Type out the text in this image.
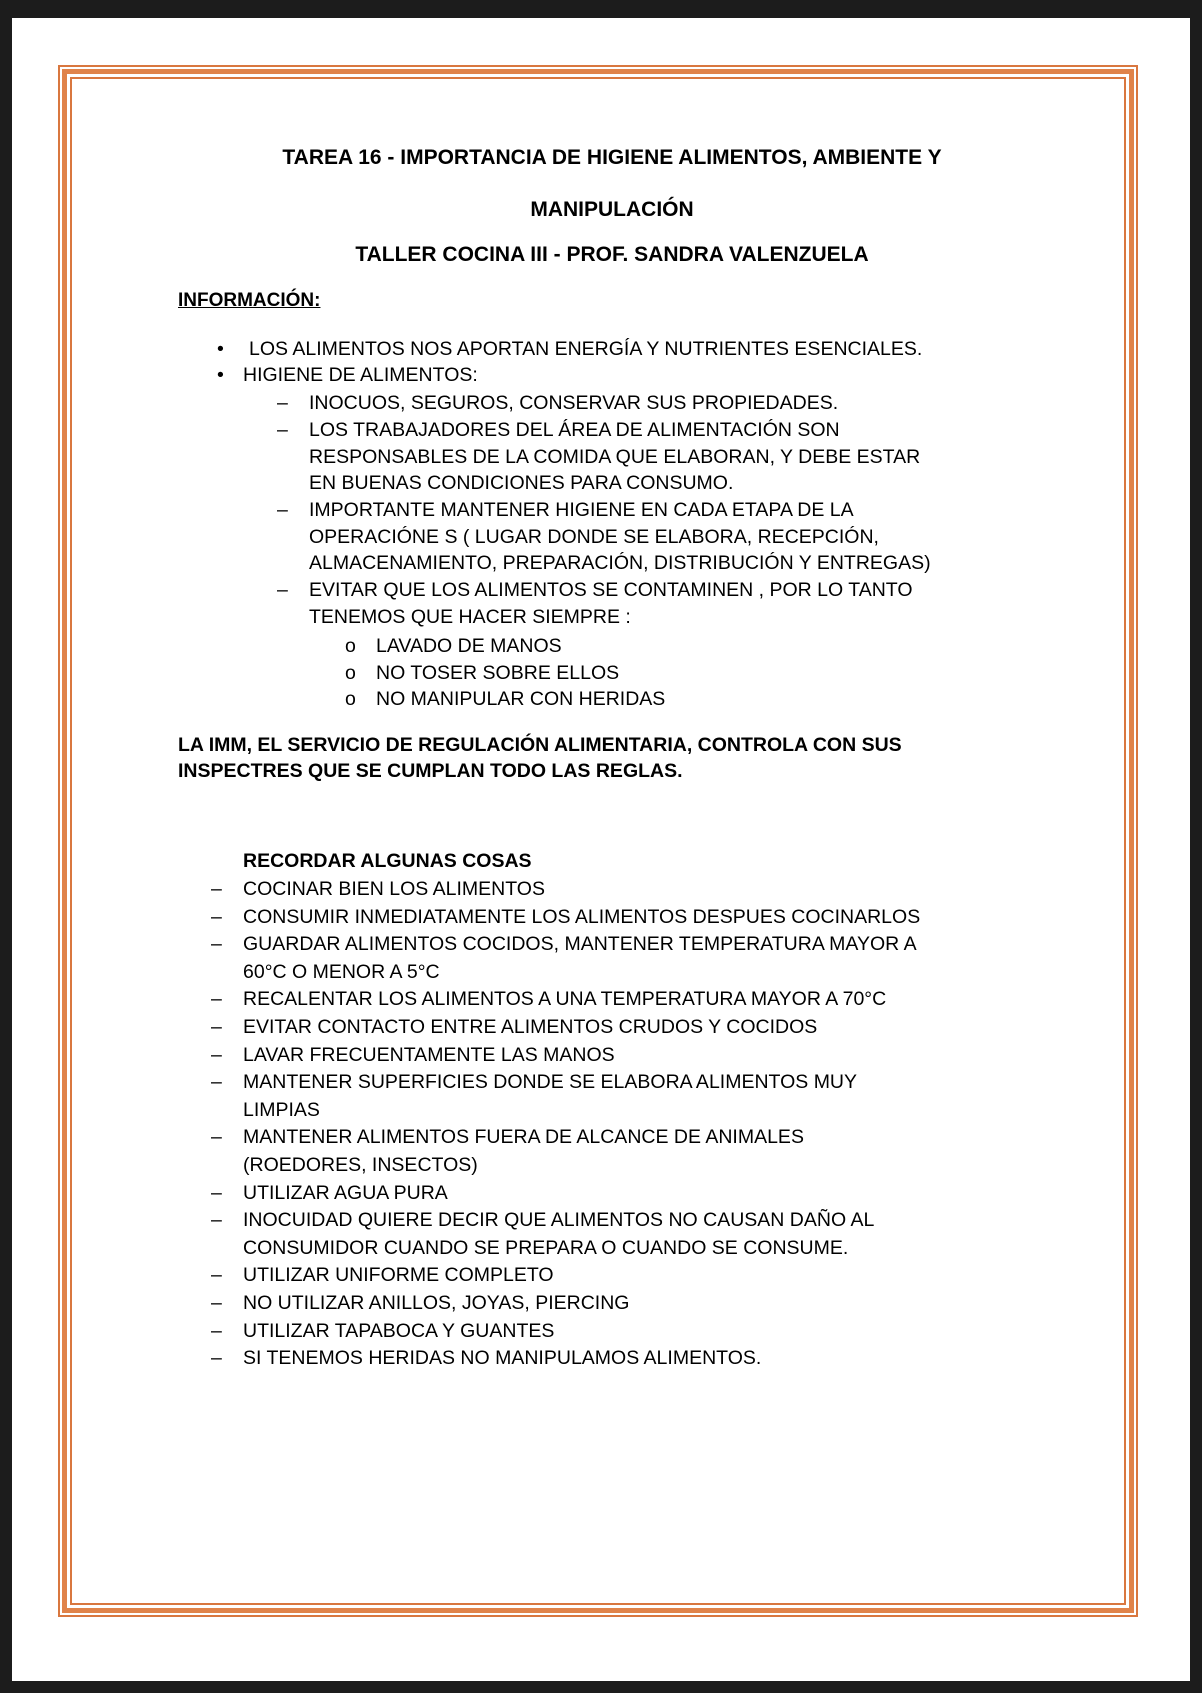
TAREA 16 - IMPORTANCIA DE HIGIENE ALIMENTOS, AMBIENTE Y
MANIPULACIÓN
TALLER COCINA III - PROF. SANDRA VALENZUELA
INFORMACIÓN:
• LOS ALIMENTOS NOS APORTAN ENERGÍA Y NUTRIENTES ESENCIALES.
• HIGIENE DE ALIMENTOS:
– INOCUOS, SEGUROS, CONSERVAR SUS PROPIEDADES.
– LOS TRABAJADORES DEL ÁREA DE ALIMENTACIÓN SON
RESPONSABLES DE LA COMIDA QUE ELABORAN, Y DEBE ESTAR
EN BUENAS CONDICIONES PARA CONSUMO.
– IMPORTANTE MANTENER HIGIENE EN CADA ETAPA DE LA
OPERACIÓNE S ( LUGAR DONDE SE ELABORA, RECEPCIÓN,
ALMACENAMIENTO, PREPARACIÓN, DISTRIBUCIÓN Y ENTREGAS)
– EVITAR QUE LOS ALIMENTOS SE CONTAMINEN , POR LO TANTO
TENEMOS QUE HACER SIEMPRE :
o LAVADO DE MANOS
o NO TOSER SOBRE ELLOS
o NO MANIPULAR CON HERIDAS
LA IMM, EL SERVICIO DE REGULACIÓN ALIMENTARIA, CONTROLA CON SUS
INSPECTRES QUE SE CUMPLAN TODO LAS REGLAS.
RECORDAR ALGUNAS COSAS
– COCINAR BIEN LOS ALIMENTOS
– CONSUMIR INMEDIATAMENTE LOS ALIMENTOS DESPUES COCINARLOS
– GUARDAR ALIMENTOS COCIDOS, MANTENER TEMPERATURA MAYOR A
60°C O MENOR A 5°C
– RECALENTAR LOS ALIMENTOS A UNA TEMPERATURA MAYOR A 70°C
– EVITAR CONTACTO ENTRE ALIMENTOS CRUDOS Y COCIDOS
– LAVAR FRECUENTAMENTE LAS MANOS
– MANTENER SUPERFICIES DONDE SE ELABORA ALIMENTOS MUY
LIMPIAS
– MANTENER ALIMENTOS FUERA DE ALCANCE DE ANIMALES
(ROEDORES, INSECTOS)
– UTILIZAR AGUA PURA
– INOCUIDAD QUIERE DECIR QUE ALIMENTOS NO CAUSAN DAÑO AL
CONSUMIDOR CUANDO SE PREPARA O CUANDO SE CONSUME.
– UTILIZAR UNIFORME COMPLETO
– NO UTILIZAR ANILLOS, JOYAS, PIERCING
– UTILIZAR TAPABOCA Y GUANTES
– SI TENEMOS HERIDAS NO MANIPULAMOS ALIMENTOS.
